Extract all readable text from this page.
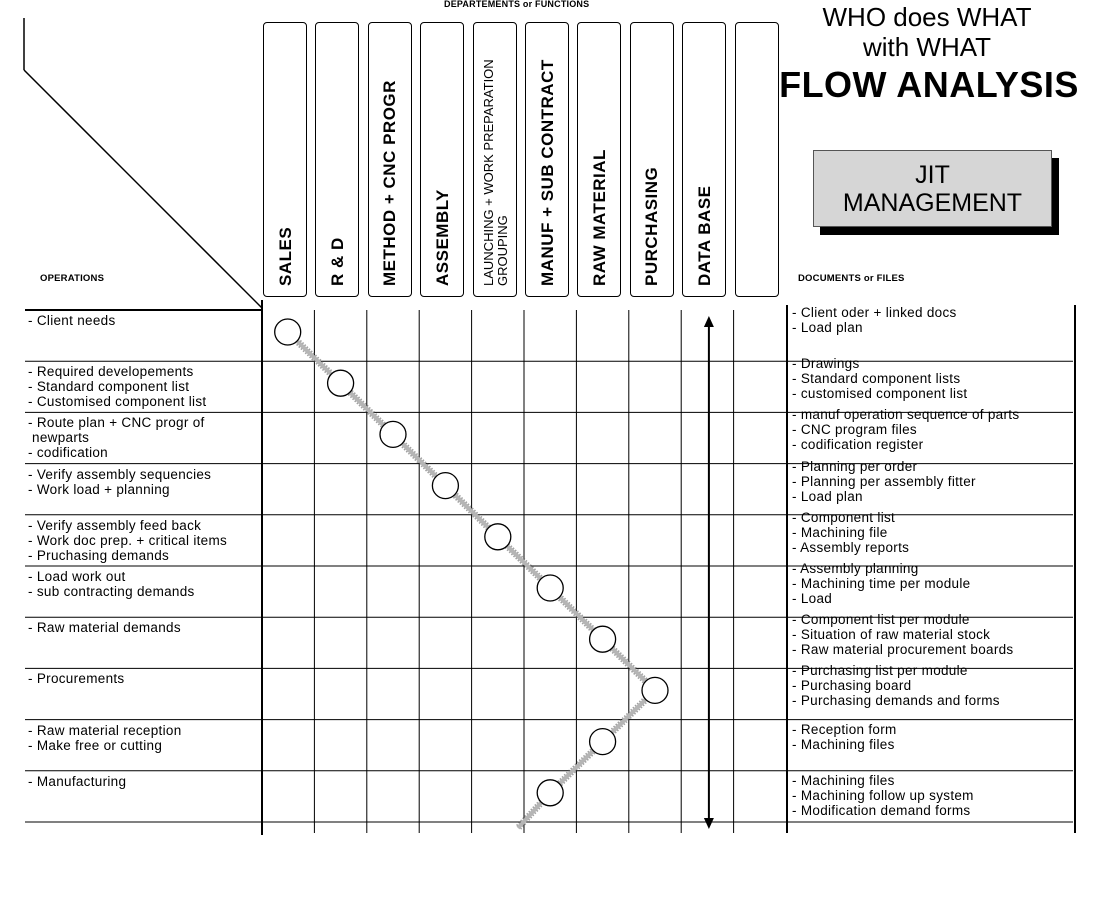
DEPARTEMENTS or FUNCTIONS	WHO does WHAT
with WHAT
FLOW ANALYSIS
JIT
MANAGEMENT
OPERATIONS	DOCUMENTS or FILES
SALES R & D METHOD + CNC PROGR ASSEMBLY LAUNCHING + WORK PREPARATION
GROUPING MANUF + SUB CONTRACT RAW MATERIAL PURCHASING DATA BASE
- Client needs
- Required developements
- Standard component list
- Customised component list
- Route plan + CNC progr of
newparts
- codification
- Verify assembly sequencies
- Work load + planning
- Verify assembly feed back
- Work doc prep. + critical items
- Pruchasing demands
- Load work out
- sub contracting demands
- Raw material demands
- Procurements
- Raw material reception
- Make free or cutting
- Manufacturing
- Client oder + linked docs
- Load plan
- Drawings
- Standard component lists
- customised component list
- manuf operation sequence of parts
- CNC program files
- codification register
- Planning per order
- Planning per assembly fitter
- Load plan
- Component list
- Machining file
- Assembly reports
- Assembly planning
- Machining time per module
- Load
- Component list per module
- Situation of raw material stock
- Raw material procurement boards
- Purchasing list per module
- Purchasing board
- Purchasing demands and forms
- Reception form
- Machining files
- Machining files
- Machining follow up system
- Modification demand forms
